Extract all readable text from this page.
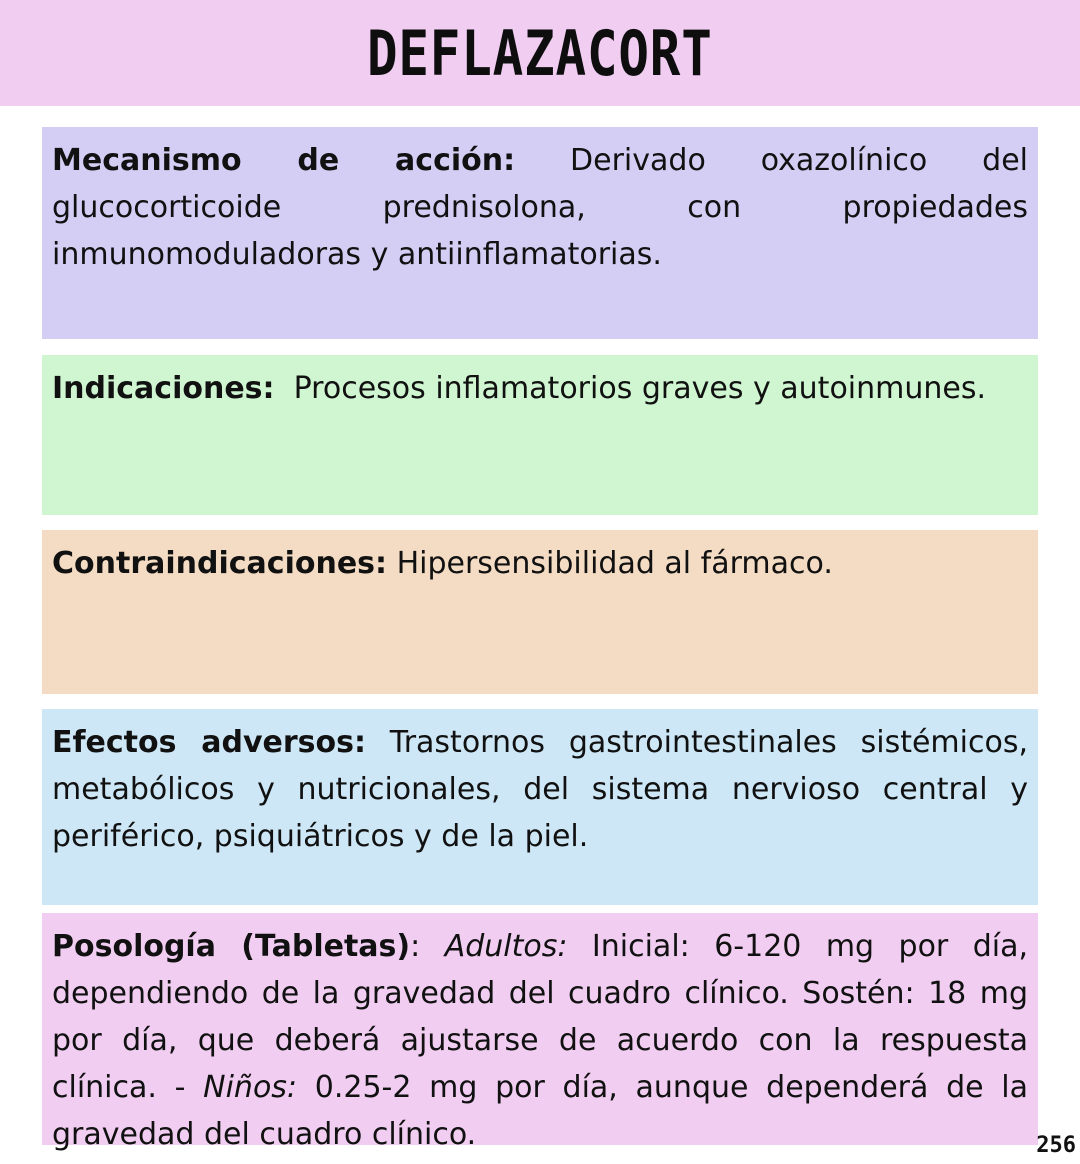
DEFLAZACORT
Mecanismo de acción: Derivado oxazolínico del glucocorticoide prednisolona, con propiedades inmunomoduladoras y antiinflamatorias.
Indicaciones:  Procesos inflamatorios graves y autoinmunes.
Contraindicaciones: Hipersensibilidad al fármaco.
Efectos adversos: Trastornos gastrointestinales sistémicos, metabólicos y nutricionales, del sistema nervioso central y periférico, psiquiátricos y de la piel.
Posología (Tabletas): Adultos: Inicial: 6-120 mg por día, dependiendo de la gravedad del cuadro clínico. Sostén: 18 mg por día, que deberá ajustarse de acuerdo con la respuesta clínica. - Niños: 0.25-2 mg por día, aunque dependerá de la gravedad del cuadro clínico.	256
